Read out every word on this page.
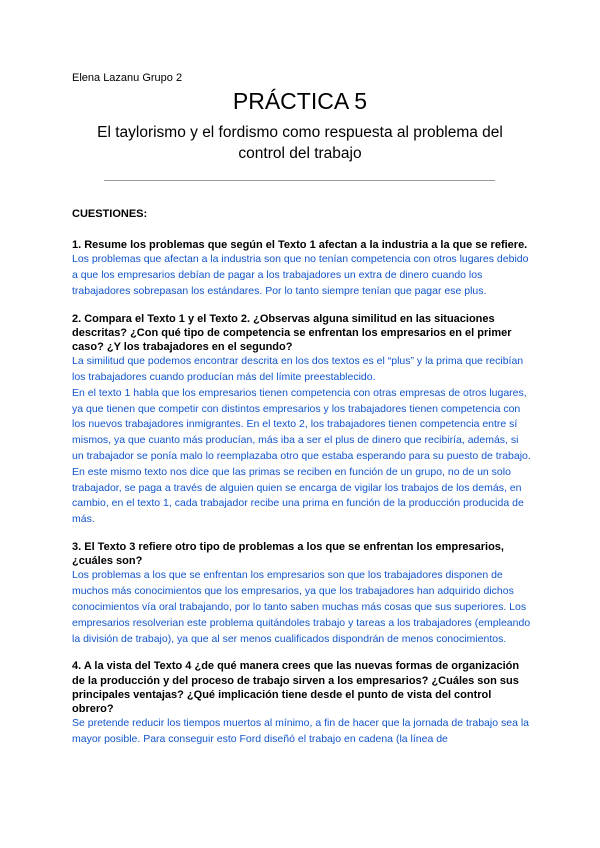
Elena Lazanu Grupo 2
PRÁCTICA 5
El taylorismo y el fordismo como respuesta al problema del
control del trabajo
CUESTIONES:

1. Resume los problemas que según el Texto 1 afectan a la industria a la que se refiere.

Los problemas que afectan a la industria son que no tenían competencia con otros lugares debido a que los empresarios debían de pagar a los trabajadores un extra de dinero cuando los trabajadores sobrepasan los estándares. Por lo tanto siempre tenían que pagar ese plus.

2. Compara el Texto 1 y el Texto 2. ¿Observas alguna similitud en las situaciones descritas? ¿Con qué tipo de competencia se enfrentan los empresarios en el primer caso? ¿Y los trabajadores en el segundo?

La similitud que podemos encontrar descrita en los dos textos es el “plus” y la prima que recibían los trabajadores cuando producían más del límite preestablecido.

En el texto 1 habla que los empresarios tienen competencia con otras empresas de otros lugares, ya que tienen que competir con distintos empresarios y los trabajadores tienen competencia con los nuevos trabajadores inmigrantes. En el texto 2, los trabajadores tienen competencia entre sí mismos, ya que cuanto más producían, más iba a ser el plus de dinero que recibiría, además, si un trabajador se ponía malo lo reemplazaba otro que estaba esperando para su puesto de trabajo. En este mismo texto nos dice que las primas se reciben en función de un grupo, no de un solo trabajador, se paga a través de alguien quien se encarga de vigilar los trabajos de los demás, en cambio, en el texto 1, cada trabajador recibe una prima en función de la producción producida de más.

3. El Texto 3 refiere otro tipo de problemas a los que se enfrentan los empresarios, ¿cuáles son?

Los problemas a los que se enfrentan los empresarios son que los trabajadores disponen de muchos más conocimientos que los empresarios, ya que los trabajadores han adquirido dichos conocimientos vía oral trabajando, por lo tanto saben muchas más cosas que sus superiores. Los empresarios resolverian este problema quitándoles trabajo y tareas a los trabajadores (empleando la división de trabajo), ya que al ser menos cualificados dispondrán de menos conocimientos.

4. A la vista del Texto 4 ¿de qué manera crees que las nuevas formas de organización de la producción y del proceso de trabajo sirven a los empresarios? ¿Cuáles son sus principales ventajas? ¿Qué implicación tiene desde el punto de vista del control obrero?

Se pretende reducir los tiempos muertos al mínimo, a fin de hacer que la jornada de trabajo sea la mayor posible. Para conseguir esto Ford diseñó el trabajo en cadena (la línea de
